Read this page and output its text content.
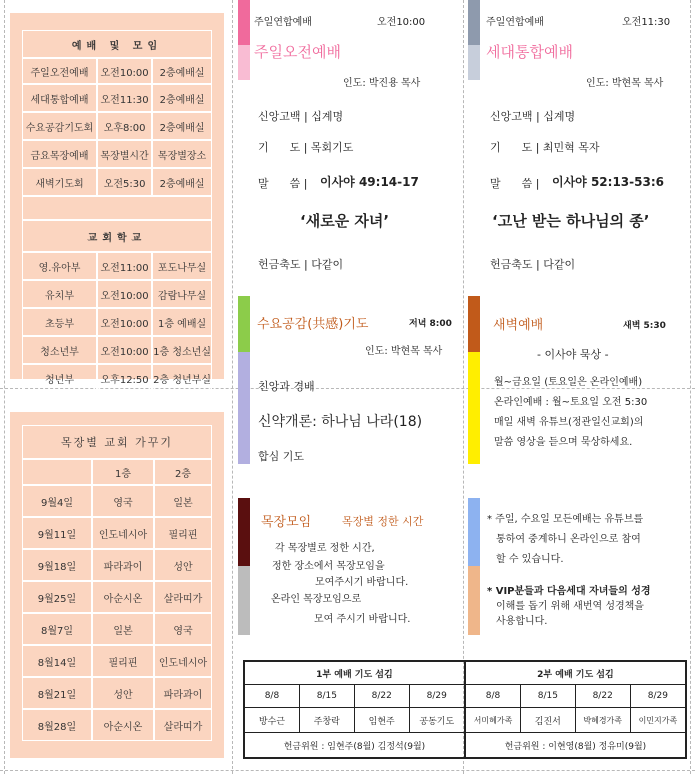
예배 및 모임		
주일오전예배	오전10:00	2층예배실
세대통합예배	오전11:30	2층예배실
수요공감기도회	오후8:00	2층예배실
금요목장예배	목장별시간	목장별장소
새벽기도회	오전5:30	2층예배실

교회학교		
영.유아부	오전11:00	포도나무실
유치부	오전10:00	감람나무실
초등부	오전10:00	1층 예배실
청소년부	오전10:00	1층 청소년실
청년부	오후12:50	2층 청년부실
목장별 교회 가꾸기		
	1층	2층
9월4일	영국	일본
9월11일	인도네시아	필리핀
9월18일	파라과이	성안
9월25일	아순시온	살라띠가
8월7일	일본	영국
8월14일	필리핀	인도네시아
8월21일	성안	파라과이
8월28일	아순시온	살라띠가
주일연합예배	오전10:00
주일오전예배
인도: 박진용 목사
신앙고백 | 십계명
기      도 | 목회기도
말      씀 | 이사야 49:14-17
‘새로운 자녀’
헌금축도 | 다같이
주일연합예배	오전11:30
세대통합예배
인도: 박현목 목사
신앙고백 | 십계명
기      도 | 최민혁 목자
말      씀 | 이사야 52:13-53:6
‘고난 받는 하나님의 종’
헌금축도 | 다같이
수요공감(共感)기도	저녁 8:00
인도: 박현목 목사
친앙과 경배
신약개론: 하나님 나라(18)
합심 기도
새벽예배	새벽 5:30
- 이사야 묵상 -
월~금요일 (토요일은 온라인예배)
온라인예배 : 월~토요일 오전 5:30
매일 새벽 유튜브(정관일신교회)의
말씀 영상을 듣으며 묵상하세요.
목장모임	목장별 정한 시간
각 목장별로 정한 시간,
정한 장소에서 목장모임을
모여주시기 바랍니다.
온라인 목장모임으로
모여 주시기 바랍니다.
* 주일, 수요일 모든예배는 유튜브를
통하여 중계하니 온라인으로 참여
할 수 있습니다.
* VIP분들과 다음세대 자녀들의 성경
이해를 돕기 위해 새번역 성경책을
사용합니다.
1부 예배 기도 섬김				2부 예배 기도 섬김			
8/8	8/15	8/22	8/29	8/8	8/15	8/22	8/29
방수근	주창락	임현주	공동기도	서미혜가족	김진서	박혜경가족	이민지가족
헌금위원 : 임현주(8월) 김정석(9월)				헌금위원 : 이현영(8월) 정유미(9월)			
